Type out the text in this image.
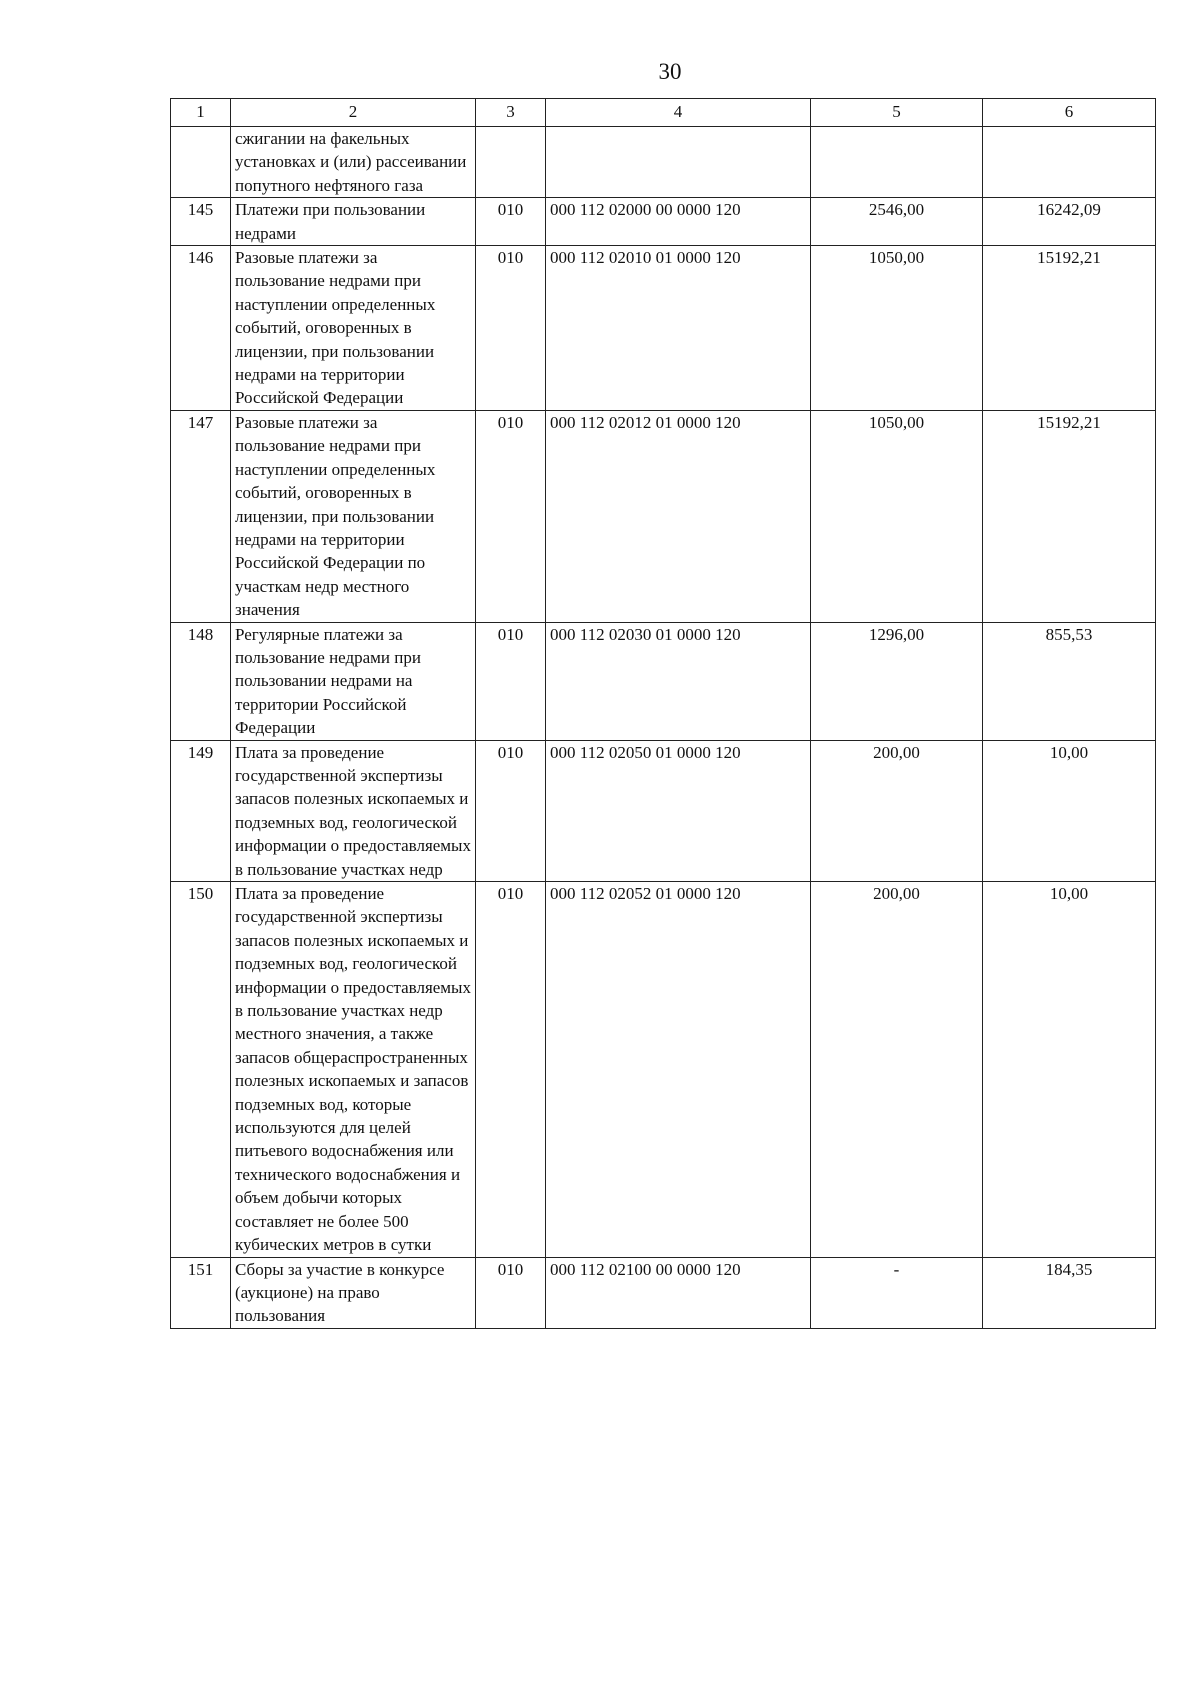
30
1	2	3	4	5	6
	сжигании на факельных установках и (или) рассеивании попутного нефтяного газа				
145	Платежи при пользовании недрами	010	000 112 02000 00 0000 120	2546,00	16242,09
146	Разовые платежи за пользование недрами при наступлении определенных событий, оговоренных в лицензии, при пользовании недрами на территории Российской Федерации	010	000 112 02010 01 0000 120	1050,00	15192,21
147	Разовые платежи за пользование недрами при наступлении определенных событий, оговоренных в лицензии, при пользовании недрами на территории Российской Федерации по участкам недр местного значения	010	000 112 02012 01 0000 120	1050,00	15192,21
148	Регулярные платежи за пользование недрами при пользовании недрами на территории Российской Федерации	010	000 112 02030 01 0000 120	1296,00	855,53
149	Плата за проведение государственной экспертизы запасов полезных ископаемых и подземных вод, геологической информации о предоставляемых в пользование участках недр	010	000 112 02050 01 0000 120	200,00	10,00
150	Плата за проведение государственной экспертизы запасов полезных ископаемых и подземных вод, геологической информации о предоставляемых в пользование участках недр местного значения, а также запасов общераспространенных полезных ископаемых и запасов подземных вод, которые используются для целей питьевого водоснабжения или технического водоснабжения и объем добычи которых составляет не более 500 кубических метров в сутки	010	000 112 02052 01 0000 120	200,00	10,00
151	Сборы за участие в конкурсе (аукционе) на право пользования	010	000 112 02100 00 0000 120	-	184,35
